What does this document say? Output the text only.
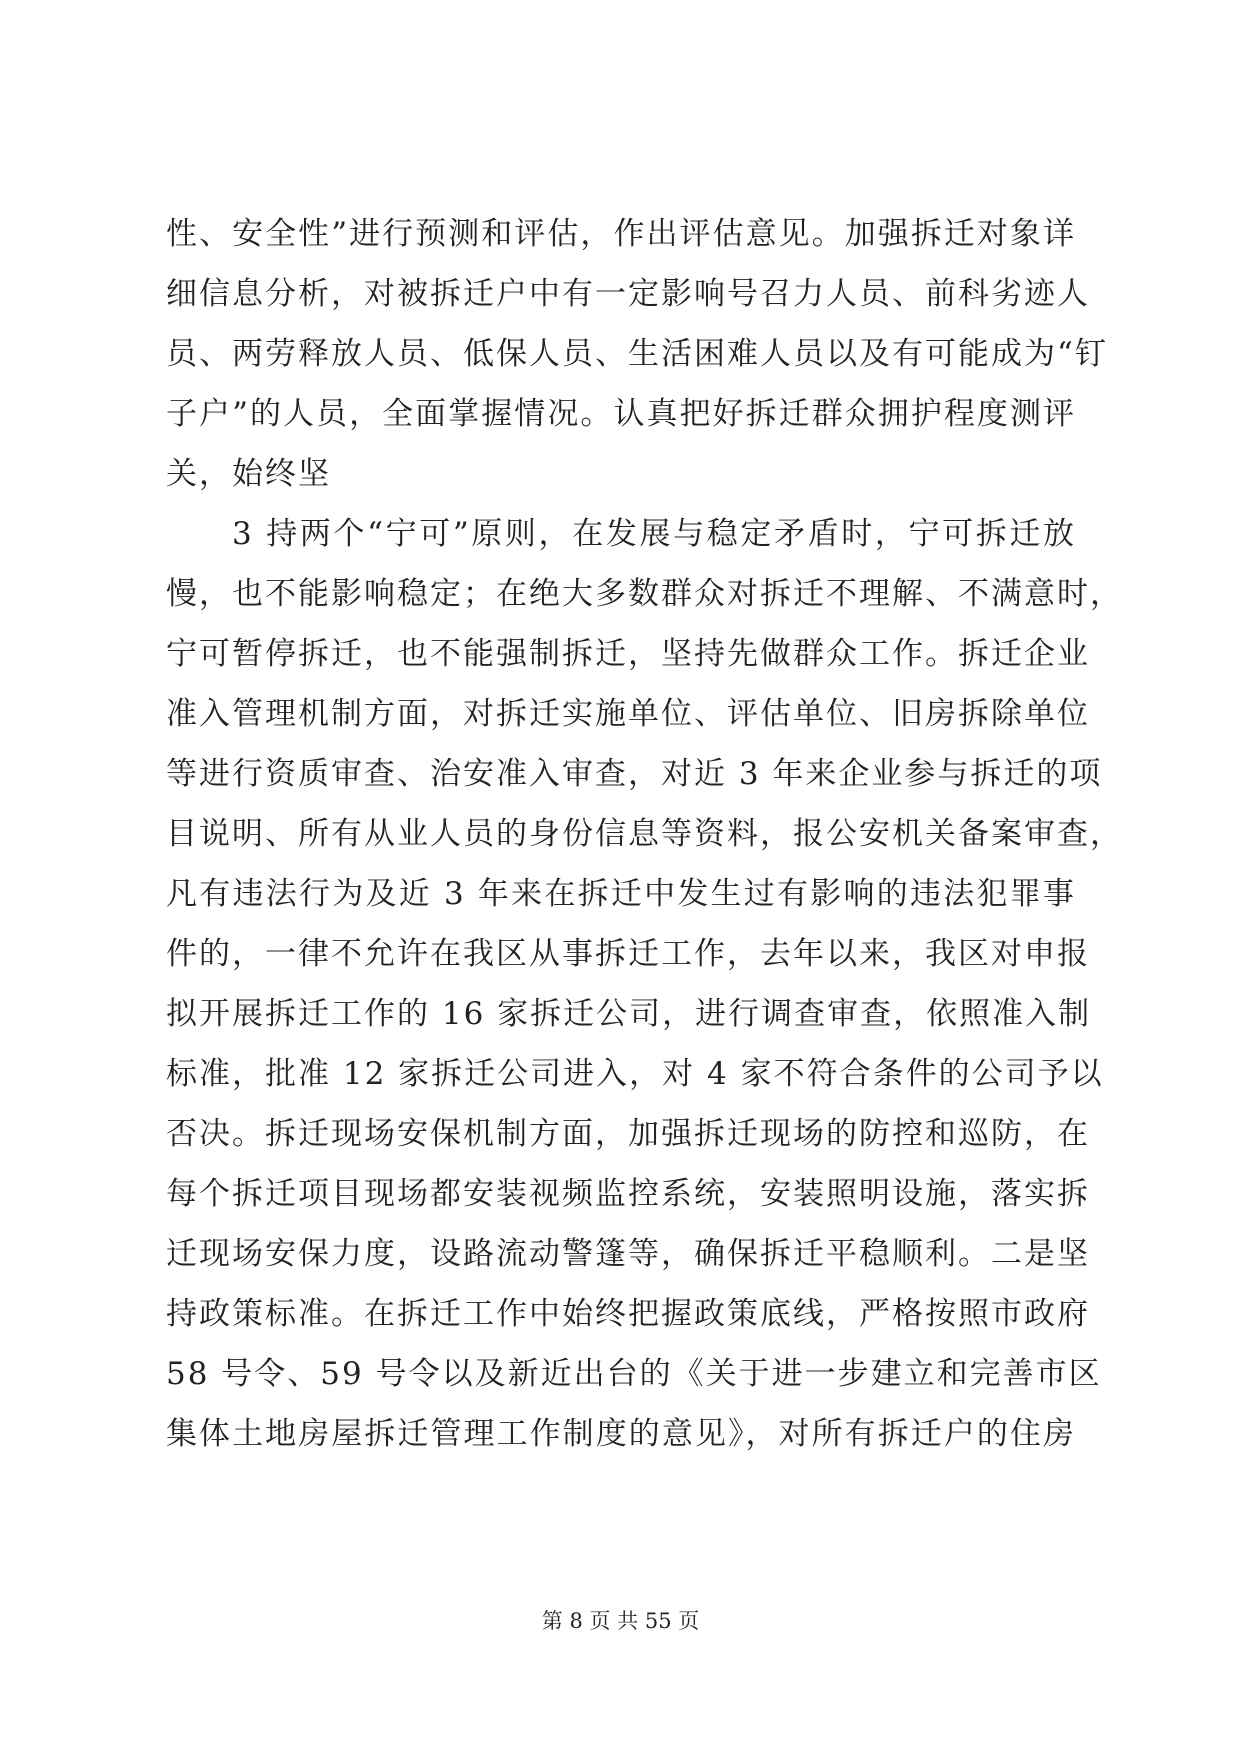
性、安全性”进行预测和评估，作出评估意见。加强拆迁对象详
细信息分析，对被拆迁户中有一定影响号召力人员、前科劣迹人
员、两劳释放人员、低保人员、生活困难人员以及有可能成为“钉
子户”的人员，全面掌握情况。认真把好拆迁群众拥护程度测评
关，始终坚
3 持两个“宁可”原则，在发展与稳定矛盾时，宁可拆迁放
慢，也不能影响稳定；在绝大多数群众对拆迁不理解、不满意时，
宁可暂停拆迁，也不能强制拆迁，坚持先做群众工作。拆迁企业
准入管理机制方面，对拆迁实施单位、评估单位、旧房拆除单位
等进行资质审查、治安准入审查，对近 3 年来企业参与拆迁的项
目说明、所有从业人员的身份信息等资料，报公安机关备案审查，
凡有违法行为及近 3 年来在拆迁中发生过有影响的违法犯罪事
件的，一律不允许在我区从事拆迁工作，去年以来，我区对申报
拟开展拆迁工作的 16 家拆迁公司，进行调查审查，依照准入制
标准，批准 12 家拆迁公司进入，对 4 家不符合条件的公司予以
否决。拆迁现场安保机制方面，加强拆迁现场的防控和巡防，在
每个拆迁项目现场都安装视频监控系统，安装照明设施，落实拆
迁现场安保力度，设路流动警篷等，确保拆迁平稳顺利。二是坚
持政策标准。在拆迁工作中始终把握政策底线，严格按照市政府
58 号令、59 号令以及新近出台的《关于进一步建立和完善市区
集体土地房屋拆迁管理工作制度的意见》，对所有拆迁户的住房
第 8 页 共 55 页
